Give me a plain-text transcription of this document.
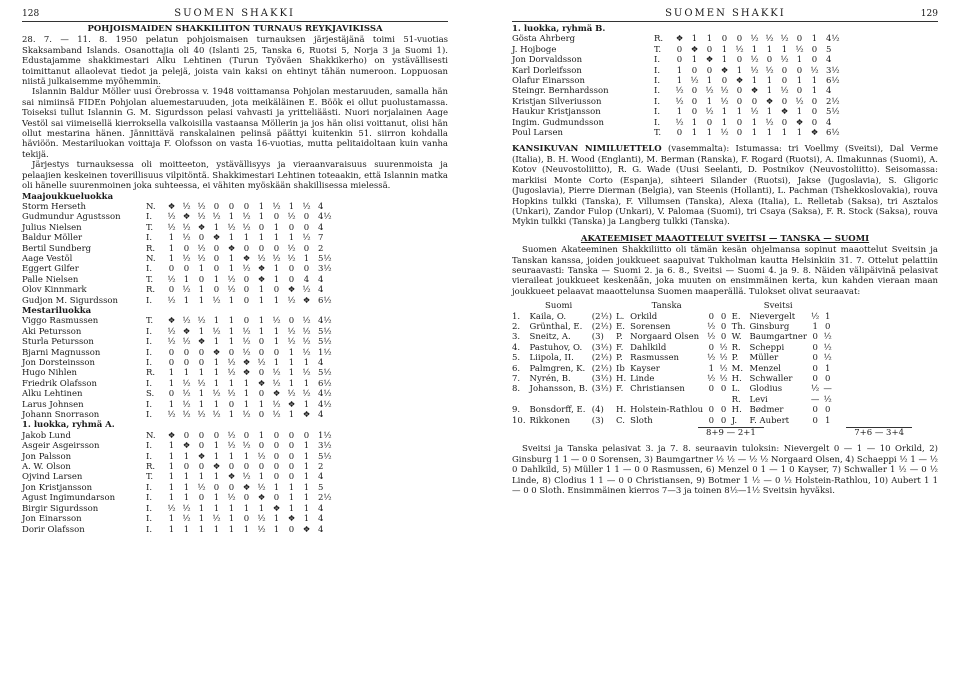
128	SUOMEN SHAKKI
POHJOISMAIDEN SHAKKILIITON TURNAUS REYKJAVIKISSA

28. 7. — 11. 8. 1950 pelatun pohjoismaisen turnauksen järjestäjänä toimi 51-vuotias Skaksamband Islands. Osanottajia oli 40 (Islanti 25, Tanska 6, Ruotsi 5, Norja 3 ja Suomi 1). Edustajamme shakkimestari Alku Lehtinen (Turun Työväen Shakkikerho) on ystävällisesti toimittanut allaolevat tiedot ja pelejä, joista vain kaksi on ehtinyt tähän numeroon. Loppuosan niistä julkaisemme myöhemmin.

Islannin Baldur Möller uusi Örebrossa v. 1948 voittamansa Pohjolan mestaruuden, samalla hän sai nimiinsä FIDEn Pohjolan aluemestaruuden, jota meikäläinen E. Böök ei ollut puolustamassa. Toiseksi tullut Islannin G. M. Sigurdsson pelasi vahvasti ja yritteliäästi. Nuori norjalainen Aage Vestöl sai viimeisellä kierroksella valkoisilla vastaansa Möllerin ja jos hän olisi voittanut, olisi hän ollut mestarina hänen. Jännittävä ranskalainen pelinsä päättyi kuitenkin 51. siirron kohdalla häviöön. Mestariluokan voittaja F. Olofsson on vasta 16-vuotias, mutta pelitaidoltaan kuin vanha tekijä.

Järjestys turnauksessa oli moitteeton, ystävällisyys ja vieraanvaraisuus suurenmoista ja pelaajien keskeinen toverillisuus vilpitöntä. Shakkimestari Lehtinen toteaakin, että Islannin matka oli hänelle suurenmoinen joka suhteessa, ei vähiten myöskään shakillisessa mielessä.

Maajoukkueluokka

Storm Herseth	N.	❖	½	½	0	0	0	1	½	1	½	4
Gudmundur Agustsson	I.	½	❖	½	½	1	½	1	0	½	0	4½
Julius Nielsen	T.	½	½	❖	1	½	½	0	1	0	0	4
Baldur Möller	I.	1	½	0	❖	1	1	1	1	1	½	7
Bertil Sundberg	R.	1	0	½	0	❖	0	0	0	½	0	2
Aage Vestöl	N.	1	½	½	0	1	❖	½	½	½	1	5½
Eggert Gilfer	I.	0	0	1	0	1	½	❖	1	0	0	3½
Palle Nielsen	T.	½	1	0	1	½	0	❖	1	0	4	4
Olov Kinnmark	R.	0	½	1	0	½	0	1	0	❖	½	4
Gudjon M. Sigurdsson	I.	½	1	1	½	1	0	1	1	½	❖	6½

Mestariluokka

Viggo Rasmussen	T.	❖	½	½	1	1	0	1	½	0	½	4½
Aki Petursson	I.	½	❖	1	½	1	½	1	1	½	½	5½
Sturla Petursson	I.	½	½	❖	1	1	½	0	1	½	½	5½
Bjarni Magnusson	I.	0	0	0	❖	0	½	0	0	1	½	1½
Jon Dorsteinsson	I.	0	0	0	1	½	❖	½	1	1	1	4
Hugo Nihlen	R.	1	1	1	1	½	❖	0	½	1	½	5½
Friedrik Olafsson	I.	1	½	½	1	1	1	❖	½	1	1	6½
Alku Lehtinen	S.	0	½	1	½	½	1	0	❖	½	½	4½
Larus Johnsen	I.	1	½	1	1	0	1	1	½	❖	1	4½
Johann Snorrason	I.	½	½	½	½	1	½	0	½	1	❖	4

1. luokka, ryhmä A.

Jakob Lund	N.	❖	0	0	0	½	0	1	0	0	0	1½
Asgeir Asgeirsson	I.	1	❖	0	1	½	½	0	0	0	1	3½
Jon Palsson	I.	1	1	❖	1	1	1	½	0	0	1	5½
A. W. Olson	R.	1	0	0	❖	0	0	0	0	0	1	2
Ojvind Larsen	T.	1	1	1	1	❖	½	1	0	0	1	4
Jon Kristjansson	I.	1	1	½	0	0	❖	½	1	1	1	5
Agust Ingimundarson	I.	1	1	0	1	½	0	❖	0	1	1	2½
Birgir Sigurdsson	I.	½	½	1	1	1	1	1	❖	1	1	4
Jon Einarsson	I.	1	½	1	½	1	0	½	1	❖	1	4
Dorir Olafsson	I.	1	1	1	1	1	1	½	1	0	❖	4
SUOMEN SHAKKI	129

1. luokka, ryhmä B.

Gösta Ahrberg	R.	❖	1	1	0	0	½	½	½	0	1	4½
J. Hojboge	T.	0	❖	0	1	½	1	1	1	½	0	5
Jon Dorvaldsson	I.	0	1	❖	1	0	½	0	½	1	0	4
Karl Dorleifsson	I.	1	0	0	❖	1	½	½	0	0	½	3½
Olafur Einarsson	I.	1	½	1	0	❖	1	1	0	1	1	6½
Steingr. Bernhardsson	I.	½	0	½	½	0	❖	1	½	0	1	4
Kristjan Silveriusson	I.	½	0	1	½	0	0	❖	0	½	0	2½
Haukur Kristjansson	I.	1	0	½	1	1	½	1	❖	1	0	5½
Ingim. Gudmundsson	I.	½	1	0	1	0	1	½	0	❖	0	4
Poul Larsen	T.	0	1	1	½	0	1	1	1	1	❖	6½

KANSIKUVAN NIMILUETTELO (vasemmalta): Istumassa: tri Voellmy (Sveitsi), Dal Verme (Italia), B. H. Wood (Englanti), M. Berman (Ranska), F. Rogard (Ruotsi), A. Ilmakunnas (Suomi), A. Kotov (Neuvostoliitto), R. G. Wade (Uusi Seelanti, D. Postnikov (Neuvostoliitto). Seisomassa: markiisi Monte Corto (Espanja), sihteeri Silander (Ruotsi), Jakse (Jugoslavia), S. Gligoric (Jugoslavia), Pierre Dierman (Belgia), van Steenis (Hollanti), L. Pachman (Tshekkoslovakia), rouva Hopkins tulkki (Tanska), F. Villumsen (Tanska), Alexa (Italia), L. Relletab (Saksa), tri Asztalos (Unkari), Zandor Fulop (Unkari), V. Palomaa (Suomi), tri Csaya (Saksa), F. R. Stock (Saksa), rouva Mykin tulkki (Tanska) ja Langberg tulkki (Tanska).

AKATEEMISET MAAOTTELUT SVEITSI — TANSKA — SUOMI

Suomen Akateeminen Shakkiliitto oli tämän kesän ohjelmansa sopinut maaottelut Sveitsin ja Tanskan kanssa, joiden joukkueet saapuivat Tukholman kautta Helsinkiin 31. 7. Ottelut pelattiin seuraavasti: Tanska — Suomi 2. ja 6. 8., Sveitsi — Suomi 4. ja 9. 8. Näiden välipäivinä pelasivat vieraileat joukkueet keskenään, joka muuten on ensimmäinen kerta, kun kahden vieraan maan joukkueet pelaavat maaottelunsa Suomen maaperällä. Tulokset olivat seuraavat:

	Suomi			Tanska				Sveitsi		
1.	Kaila, O.	(2½)	L.	Orkild	0	0	E.	Nievergelt	½	1
2.	Grünthal, E.	(2½)	E.	Sorensen	½	0	Th.	Ginsburg	1	0
3.	Sneitz, A.	(3)	P.	Norgaard Olsen	½	0	W.	Baumgartner	0	½
4.	Pastuhov, O.	(3½)	F.	Dahlkild	0	½	R.	Scheppi	0	½
5.	Liipola, II.	(2½)	P.	Rasmussen	½	½	P.	Müller	0	½
6.	Palmgren, K.	(2½)	Ib	Kayser	1	½	M.	Menzel	0	1
7.	Nyrén, B.	(3½)	H.	Linde	½	½	H.	Schwaller	0	0
8.	Johansson, B.	(3½)	F.	Christiansen	0	0	L.	Glodius	½	—
							R.	Levi	—	½
9.	Bonsdorff, E.	(4)	H.	Holstein-Rathlou	0	0	H.	Bødmer	0	0
10.	Rikkonen	(3)	C.	Sloth	0	0	J.	F. Aubert	0	1
8+9 — 2+1	7+6 — 3+4

Sveitsi ja Tanska pelasivat 3. ja 7. 8. seuraavin tuloksin: Nievergelt 0 — 1 — 10 Orkild, 2) Ginsburg 1 1 — 0 0 Sorensen, 3) Baumgartner ½ ½ — ½ ½ Norgaard Olsen, 4) Schaeppi ½ 1 — ½ 0 Dahlkild, 5) Müller 1 1 — 0 0 Rasmussen, 6) Menzel 0 1 — 1 0 Kayser, 7) Schwaller 1 ½ — 0 ½ Linde, 8) Clodius 1 1 — 0 0 Christiansen, 9) Botmer 1 ½ — 0 ½ Holstein-Rathlou, 10) Aubert 1 1 — 0 0 Sloth. Ensimmäinen kierros 7—3 ja toinen 8½—1½ Sveitsin hyväksi.
